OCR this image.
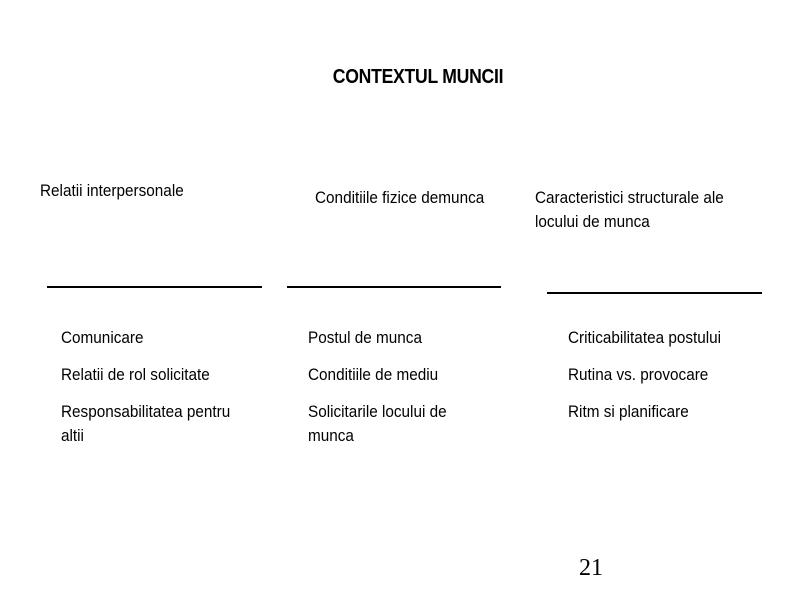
CONTEXTUL MUNCII
Relatii interpersonale
Comunicare
Relatii de rol solicitate
Responsabilitatea pentru altii
Conditiile fizice demunca
Postul de munca
Conditiile de mediu
Solicitarile locului de munca
Caracteristici structurale ale locului de munca
Criticabilitatea postului
Rutina vs. provocare
Ritm si planificare
21
